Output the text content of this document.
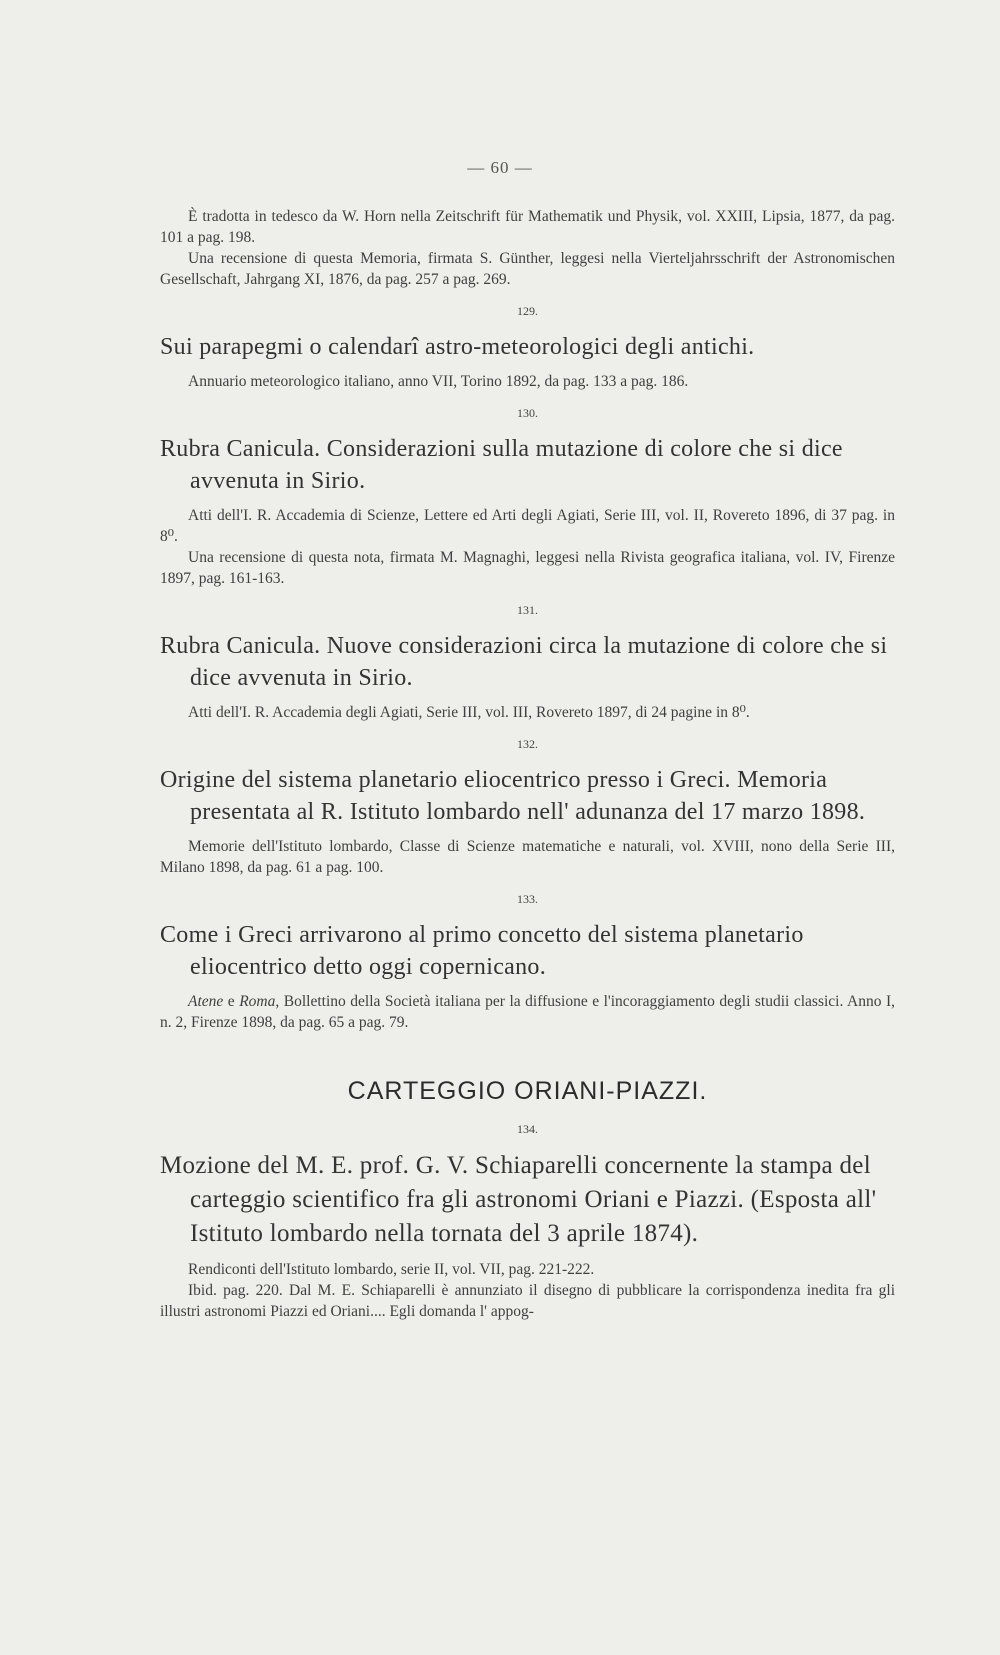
— 60 —
È tradotta in tedesco da W. Horn nella Zeitschrift für Mathematik und Physik, vol. XXIII, Lipsia, 1877, da pag. 101 a pag. 198.
Una recensione di questa Memoria, firmata S. Günther, leggesi nella Vierteljahrsschrift der Astronomischen Gesellschaft, Jahrgang XI, 1876, da pag. 257 a pag. 269.
129.
Sui parapegmi o calendarî astro-meteorologici degli antichi.
Annuario meteorologico italiano, anno VII, Torino 1892, da pag. 133 a pag. 186.
130.
Rubra Canicula. Considerazioni sulla mutazione di colore che si dice avvenuta in Sirio.
Atti dell'I. R. Accademia di Scienze, Lettere ed Arti degli Agiati, Serie III, vol. II, Rovereto 1896, di 37 pag. in 8⁰.
Una recensione di questa nota, firmata M. Magnaghi, leggesi nella Rivista geografica italiana, vol. IV, Firenze 1897, pag. 161-163.
131.
Rubra Canicula. Nuove considerazioni circa la mutazione di colore che si dice avvenuta in Sirio.
Atti dell'I. R. Accademia degli Agiati, Serie III, vol. III, Rovereto 1897, di 24 pagine in 8⁰.
132.
Origine del sistema planetario eliocentrico presso i Greci. Memoria presentata al R. Istituto lombardo nell' adunanza del 17 marzo 1898.
Memorie dell'Istituto lombardo, Classe di Scienze matematiche e naturali, vol. XVIII, nono della Serie III, Milano 1898, da pag. 61 a pag. 100.
133.
Come i Greci arrivarono al primo concetto del sistema planetario eliocentrico detto oggi copernicano.
Atene e Roma, Bollettino della Società italiana per la diffusione e l'incoraggiamento degli studii classici. Anno I, n. 2, Firenze 1898, da pag. 65 a pag. 79.
CARTEGGIO ORIANI-PIAZZI.
134.
Mozione del M. E. prof. G. V. Schiaparelli concernente la stampa del carteggio scientifico fra gli astronomi Oriani e Piazzi. (Esposta all' Istituto lombardo nella tornata del 3 aprile 1874).
Rendiconti dell'Istituto lombardo, serie II, vol. VII, pag. 221-222.
Ibid. pag. 220. Dal M. E. Schiaparelli è annunziato il disegno di pubblicare la corrispondenza inedita fra gli illustri astronomi Piazzi ed Oriani.... Egli domanda l' appog-
